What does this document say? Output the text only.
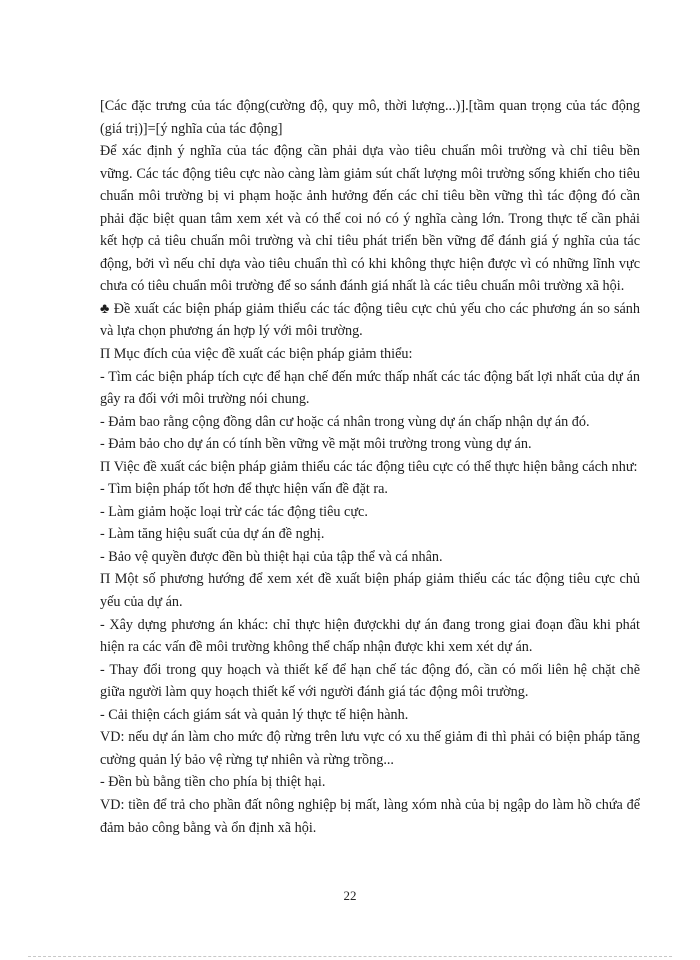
[Các đặc trưng của tác động(cường độ, quy mô, thời lượng...)].[tầm quan trọng của tác động (giá trị)]=[ý nghĩa của tác động]

Để xác định ý nghĩa của tác động cần phải dựa vào tiêu chuẩn môi trường và chỉ tiêu bền vững. Các tác động tiêu cực nào càng làm giảm sút chất lượng môi trường sống khiến cho tiêu chuẩn môi trường bị vi phạm hoặc ảnh hưởng đến các chỉ tiêu bền vững thì tác động đó cần phải đặc biệt quan tâm xem xét và có thể coi nó có ý nghĩa càng lớn. Trong thực tế cần phải kết hợp cả tiêu chuẩn môi trường và chỉ tiêu phát triển bền vững để đánh giá ý nghĩa của tác động, bởi vì nếu chỉ dựa vào tiêu chuẩn thì có khi không thực hiện được vì có những lĩnh vực chưa có tiêu chuẩn môi trường để so sánh đánh giá nhất là các tiêu chuẩn môi trường xã hội.

♣ Đề xuất các biện pháp giảm thiểu các tác động tiêu cực chủ yếu cho các phương án so sánh và lựa chọn phương án hợp lý với môi trường.

Π Mục đích của việc đề xuất các biện pháp giảm thiểu:

- Tìm các biện pháp tích cực để hạn chế đến mức thấp nhất các tác động bất lợi nhất của dự án gây ra đối với môi trường nói chung.

- Đảm bao rằng cộng đồng dân cư hoặc cá nhân trong vùng dự án chấp nhận dự án đó.

- Đảm bảo cho dự án có tính bền vững về mặt môi trường trong vùng dự án.

Π Việc đề xuất các biện pháp giảm thiểu các tác động tiêu cực có thể thực hiện bằng cách như:

- Tìm biện pháp tốt hơn để thực hiện vấn đề đặt ra.

- Làm giảm hoặc loại trừ các tác động tiêu cực.

- Làm tăng hiệu suất của dự án đề nghị.

- Bảo vệ quyền được đền bù thiệt hại của tập thể và cá nhân.

Π Một số phương hướng để xem xét đề xuất biện pháp giảm thiểu các tác động tiêu cực chủ yếu của dự án.

- Xây dựng phương án khác: chỉ thực hiện đượckhi dự án đang trong giai đoạn đầu khi phát hiện ra các vấn đề môi trường không thể chấp nhận được khi xem xét dự án.

- Thay đổi trong quy hoạch và thiết kế để hạn chế tác động đó, cần có mối liên hệ chặt chẽ giữa người làm quy hoạch thiết kế với người đánh giá tác động môi trường.

- Cải thiện cách giám sát và quản lý thực tế hiện hành.

VD: nếu dự án làm cho mức độ rừng trên lưu vực có xu thế giảm đi thì phải có biện pháp tăng cường quản lý bảo vệ rừng tự nhiên và rừng trồng...

- Đền bù bằng tiền cho phía bị thiệt hại.

VD: tiền để trả cho phần đất nông nghiệp bị mất, làng xóm nhà của bị ngập do làm hồ chứa để đảm bảo công bằng và ổn định xã hội.

22
